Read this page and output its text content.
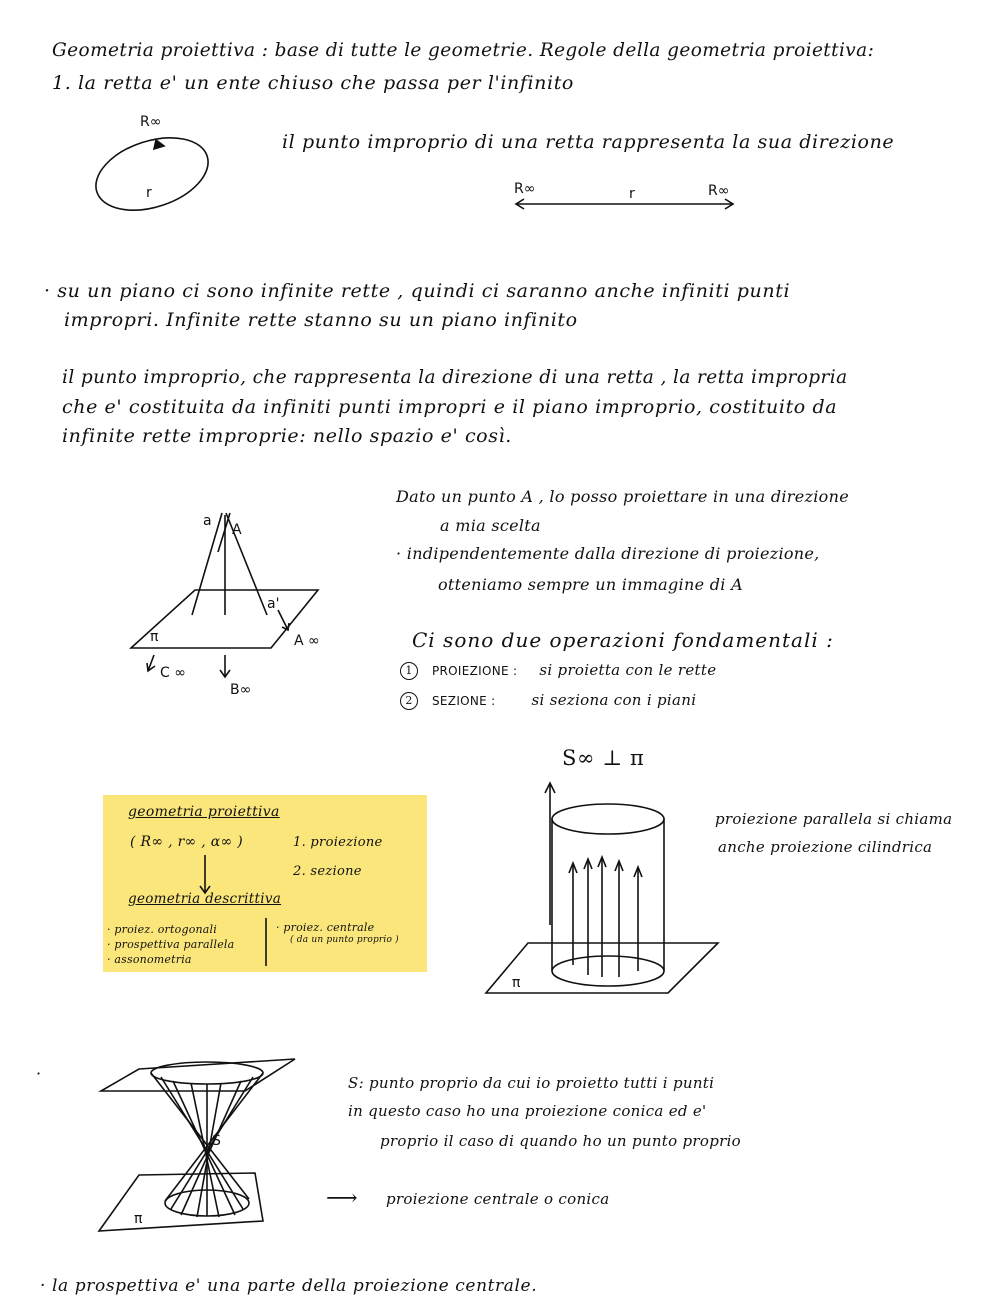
Geometria proiettiva : base di tutte le geometrie. Regole della geometria proiettiva:
1. la retta e' un ente chiuso che passa per l'infinito
R∞
r
il punto improprio di una retta rappresenta la sua direzione
R∞	r	R∞
· su un piano ci sono infinite rette , quindi ci saranno anche infiniti punti
impropri. Infinite rette stanno su un piano infinito
il punto improprio, che rappresenta la direzione di una retta , la retta impropria
che e' costituita da infiniti punti impropri e il piano improprio, costituito da
infinite rette improprie: nello spazio e' così.
a
A
a'
π	A ∞
C ∞
B∞
Dato un punto A , lo posso proiettare in una direzione
a mia scelta
· indipendentemente dalla direzione di proiezione,
otteniamo sempre un immagine di A
Ci sono due operazioni fondamentali :
1 PROIEZIONE : si proietta con le rette
2 SEZIONE : si seziona con i piani
geometria proiettiva
( R∞ , r∞ , α∞ )	1. proiezione
2. sezione
geometria descrittiva
· proiez. ortogonali
· prospettiva parallela
· assonometria
· proiez. centrale
( da un punto proprio )
S∞ ⊥ π
π
proiezione parallela si chiama
anche proiezione cilindrica
S
π
·	S: punto proprio da cui io proietto tutti i punti
in questo caso ho una proiezione conica ed e'
proprio il caso di quando ho un punto proprio
⟶ proiezione centrale o conica
· la prospettiva e' una parte della proiezione centrale.
